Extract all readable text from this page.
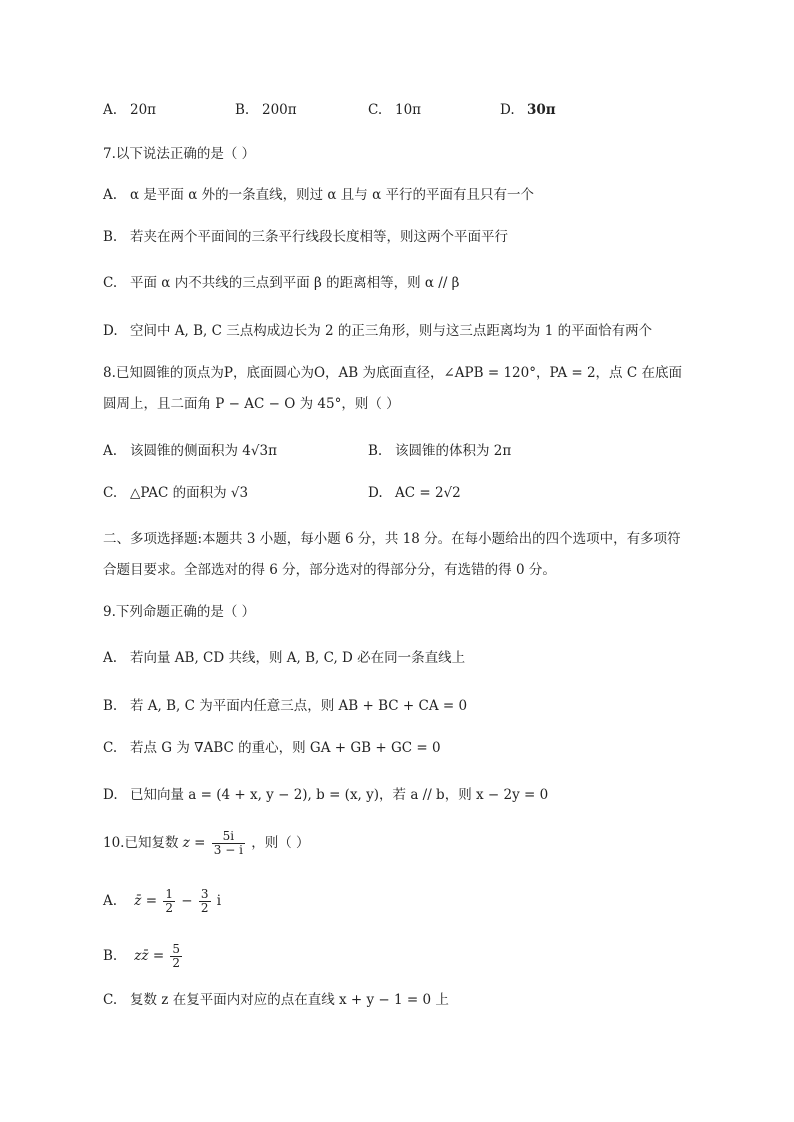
A. 20π	B. 200π	C. 10π	D. 30π
7.以下说法正确的是（ ）
A. α 是平面 α 外的一条直线，则过 α 且与 α 平行的平面有且只有一个
B. 若夹在两个平面间的三条平行线段长度相等，则这两个平面平行
C. 平面 α 内不共线的三点到平面 β 的距离相等，则 α // β
D. 空间中 A, B, C 三点构成边长为 2 的正三角形，则与这三点距离均为 1 的平面恰有两个
8.已知圆锥的顶点为P，底面圆心为O，AB 为底面直径，∠APB = 120°，PA = 2，点 C 在底面
圆周上，且二面角 P − AC − O 为 45°，则（ ）
A. 该圆锥的侧面积为 4√3π	B. 该圆锥的体积为 2π
C. △PAC 的面积为 √3	D. AC = 2√2
二、多项选择题:本题共 3 小题，每小题 6 分，共 18 分。在每小题给出的四个选项中，有多项符
合题目要求。全部选对的得 6 分，部分选对的得部分分，有选错的得 0 分。
9.下列命题正确的是（ ）
A. 若向量 AB, CD 共线，则 A, B, C, D 必在同一条直线上
B. 若 A, B, C 为平面内任意三点，则 AB + BC + CA = 0
C. 若点 G 为 ∇ABC 的重心，则 GA + GB + GC = 0
D. 已知向量 a = (4 + x, y − 2), b = (x, y)，若 a // b，则 x − 2y = 0
10.已知复数 $z = \frac{5i}{3 - i}$ ，则（ ）
A. z̄ = $\frac{1}{2} - \frac{3}{2}$ i
B. zz̄ = $\frac{5}{2}$
C. 复数 z 在复平面内对应的点在直线 x + y − 1 = 0 上
